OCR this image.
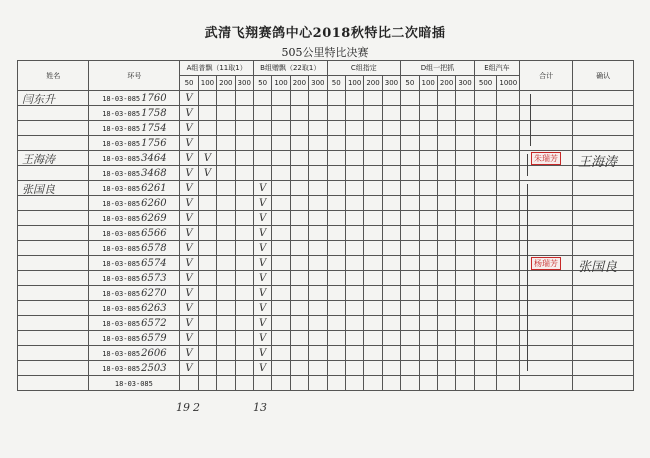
武清飞翔赛鸽中心2018秋特比二次暗插
505公里特比决赛
姓名	环号	A组普飘（11取1）				B组赠飘（22取1）				C组指定				D组一把抓				E组汽车		合计	确认
		50	100	200	300	50	100	200	300	50	100	200	300	50	100	200	300	500	1000		

闫东升	18-03-0851760	V																			

	18-03-0851758	V																			

	18-03-0851754	V																			

	18-03-0851756	V																			

王海涛	18-03-0853464	V	V																		

	18-03-0853468	V	V																		

张国良	18-03-0856261	V				V															

	18-03-0856260	V				V															

	18-03-0856269	V				V															

	18-03-0856566	V				V															

	18-03-0856578	V				V															

	18-03-0856574	V				V															

	18-03-0856573	V				V															

	18-03-0856270	V				V															

	18-03-0856263	V				V															

	18-03-0856572	V				V															

	18-03-0856579	V				V															

	18-03-0852606	V				V															

	18-03-0852503	V				V															

	18-03-085																				
19 2	13
朱瑞芳
杨瑞芳
王海涛
张国良
